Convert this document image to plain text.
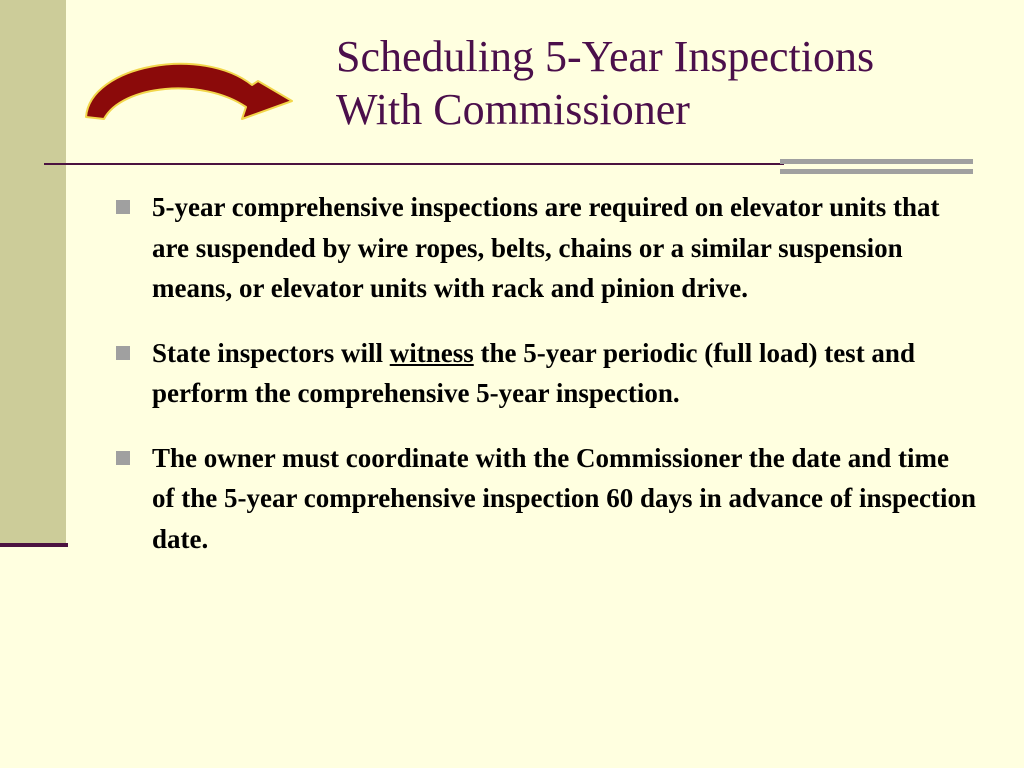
Scheduling 5-Year Inspections
With Commissioner
5-year comprehensive inspections are required on elevator units that are suspended by wire ropes, belts, chains or a similar suspension means, or elevator units with rack and pinion drive.
State inspectors will witness the 5-year periodic (full load) test and perform the comprehensive 5-year inspection.
The owner must coordinate with the Commissioner the date and time of the 5-year comprehensive inspection 60 days in advance of inspection date.
